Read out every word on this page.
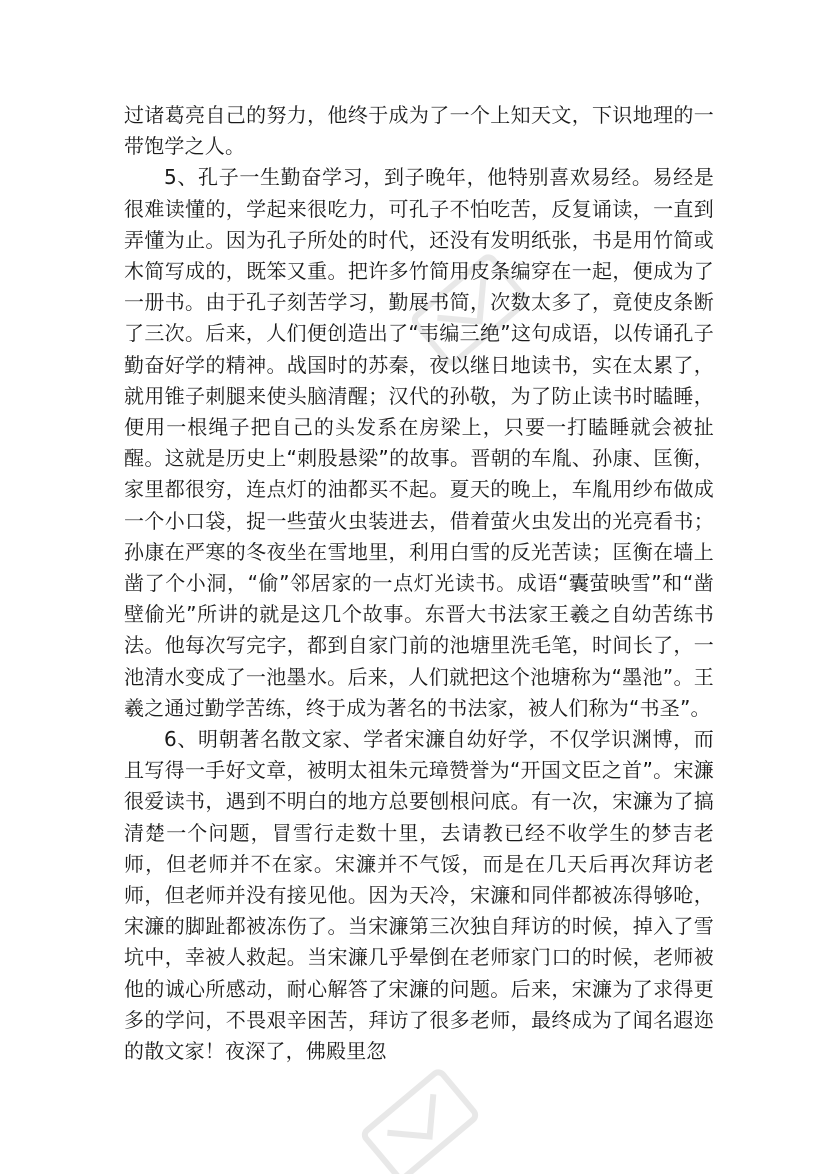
过诸葛亮自己的努力，他终于成为了一个上知天文，下识地理的一带饱学之人。

5、孔子一生勤奋学习，到子晚年，他特别喜欢易经。易经是很难读懂的，学起来很吃力，可孔子不怕吃苦，反复诵读，一直到弄懂为止。因为孔子所处的时代，还没有发明纸张，书是用竹简或木简写成的，既笨又重。把许多竹简用皮条编穿在一起，便成为了一册书。由于孔子刻苦学习，勤展书简，次数太多了，竟使皮条断了三次。后来，人们便创造出了“韦编三绝”这句成语，以传诵孔子勤奋好学的精神。战国时的苏秦，夜以继日地读书，实在太累了，就用锥子刺腿来使头脑清醒；汉代的孙敬，为了防止读书时瞌睡，便用一根绳子把自己的头发系在房梁上，只要一打瞌睡就会被扯醒。这就是历史上“刺股悬梁”的故事。晋朝的车胤、孙康、匡衡，家里都很穷，连点灯的油都买不起。夏天的晚上，车胤用纱布做成一个小口袋，捉一些萤火虫装进去，借着萤火虫发出的光亮看书；孙康在严寒的冬夜坐在雪地里，利用白雪的反光苦读；匡衡在墙上凿了个小洞，“偷”邻居家的一点灯光读书。成语“囊萤映雪”和“凿壁偷光”所讲的就是这几个故事。东晋大书法家王羲之自幼苦练书法。他每次写完字，都到自家门前的池塘里洗毛笔，时间长了，一池清水变成了一池墨水。后来，人们就把这个池塘称为“墨池”。王羲之通过勤学苦练，终于成为著名的书法家，被人们称为“书圣”。

6、明朝著名散文家、学者宋濂自幼好学，不仅学识渊博，而且写得一手好文章，被明太祖朱元璋赞誉为“开国文臣之首”。宋濂很爱读书，遇到不明白的地方总要刨根问底。有一次，宋濂为了搞清楚一个问题，冒雪行走数十里，去请教已经不收学生的梦吉老师，但老师并不在家。宋濂并不气馁，而是在几天后再次拜访老师，但老师并没有接见他。因为天冷，宋濂和同伴都被冻得够呛，宋濂的脚趾都被冻伤了。当宋濂第三次独自拜访的时候，掉入了雪坑中，幸被人救起。当宋濂几乎晕倒在老师家门口的时候，老师被他的诚心所感动，耐心解答了宋濂的问题。后来，宋濂为了求得更多的学问，不畏艰辛困苦，拜访了很多老师，最终成为了闻名遐迩的散文家！夜深了，佛殿里忽
